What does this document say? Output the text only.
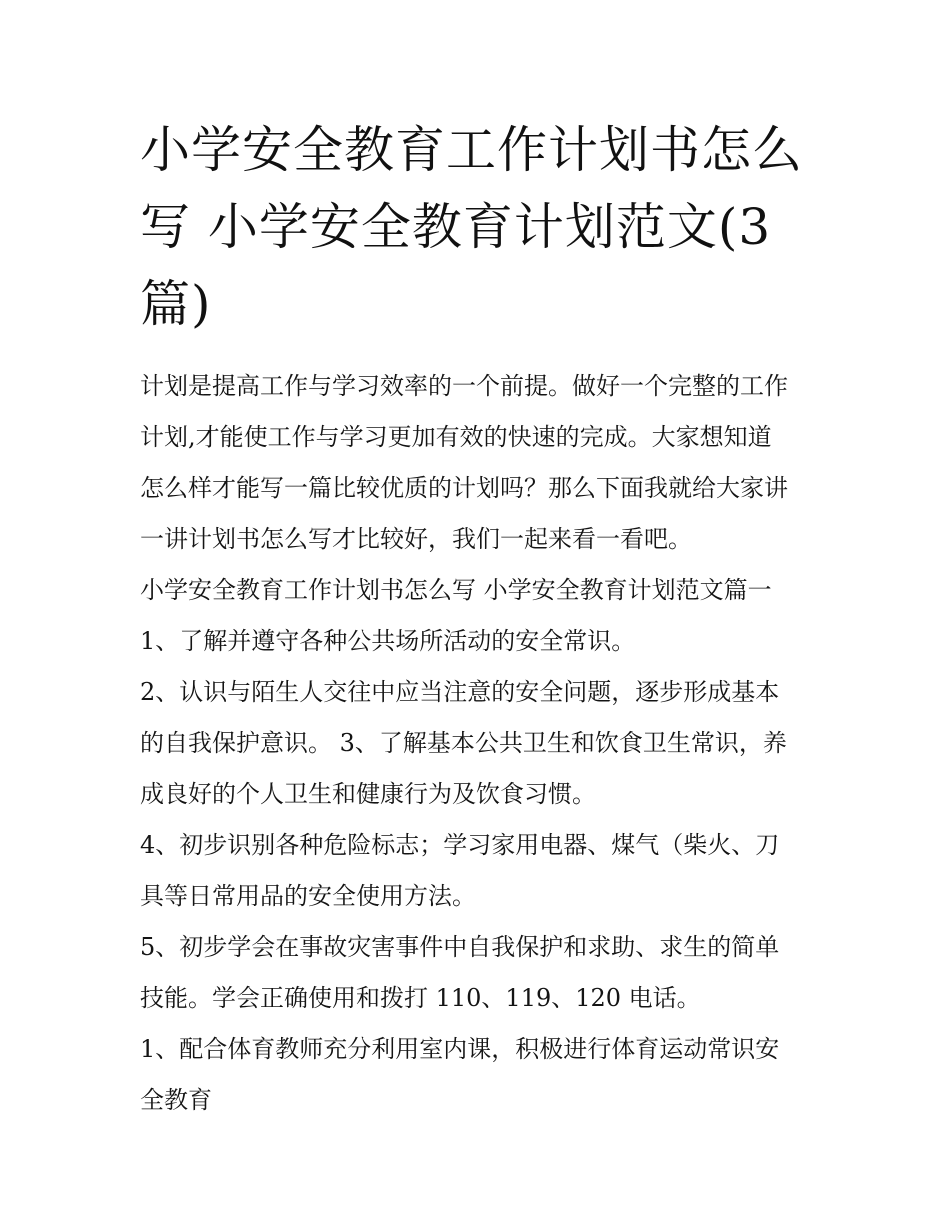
小学安全教育工作计划书怎么
写 小学安全教育计划范文(3
篇)

计划是提高工作与学习效率的一个前提。做好一个完整的工作
计划,才能使工作与学习更加有效的快速的完成。大家想知道
怎么样才能写一篇比较优质的计划吗？那么下面我就给大家讲
一讲计划书怎么写才比较好，我们一起来看一看吧。

小学安全教育工作计划书怎么写 小学安全教育计划范文篇一

1、了解并遵守各种公共场所活动的安全常识。

2、认识与陌生人交往中应当注意的安全问题，逐步形成基本
的自我保护意识。 3、了解基本公共卫生和饮食卫生常识，养
成良好的个人卫生和健康行为及饮食习惯。

4、初步识别各种危险标志；学习家用电器、煤气（柴火、刀
具等日常用品的安全使用方法。

5、初步学会在事故灾害事件中自我保护和求助、求生的简单
技能。学会正确使用和拨打 110、119、120 电话。

1、配合体育教师充分利用室内课，积极进行体育运动常识安
全教育
